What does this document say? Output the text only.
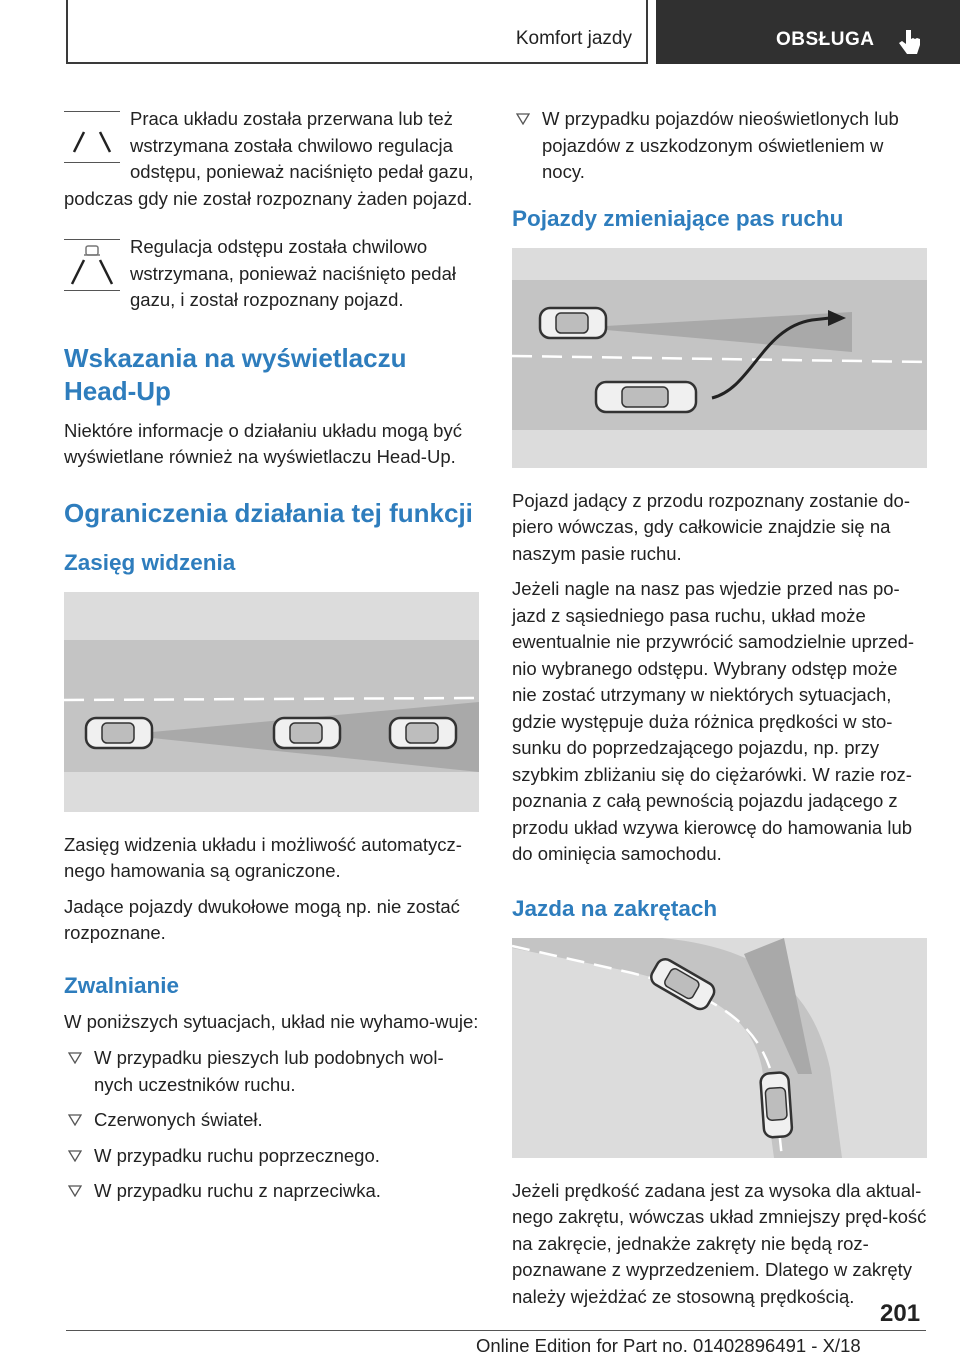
Komfort jazdy	OBSŁUGA
Praca układu została przerwana lub też wstrzymana została chwilowo regulacja odstępu, ponieważ naciśnięto pedał gazu, podczas gdy nie został rozpoznany żaden pojazd.
Regulacja odstępu została chwilowo wstrzymana, ponieważ naciśnięto pedał gazu, i został rozpoznany pojazd.
Wskazania na wyświetlaczu Head-Up

Niektóre informacje o działaniu układu mogą być wyświetlane również na wyświetlaczu Head-Up.

Ograniczenia działania tej funkcji
Zasięg widzenia

Zasięg widzenia układu i możliwość automatycz‐nego hamowania są ograniczone.

Jadące pojazdy dwukołowe mogą np. nie zostać rozpoznane.

Zwalnianie

W poniższych sytuacjach, układ nie wyhamo‐wuje:

W przypadku pieszych lub podobnych wol‐nych uczestników ruchu.
Czerwonych świateł.
W przypadku ruchu poprzecznego.
W przypadku ruchu z naprzeciwka.
W przypadku pojazdów nieoświetlonych lub pojazdów z uszkodzonym oświetleniem w nocy.
Pojazdy zmieniające pas ruchu

Pojazd jadący z przodu rozpoznany zostanie do‐piero wówczas, gdy całkowicie znajdzie się na naszym pasie ruchu.

Jeżeli nagle na nasz pas wjedzie przed nas po‐jazd z sąsiedniego pasa ruchu, układ może ewentualnie nie przywrócić samodzielnie uprzed‐nio wybranego odstępu. Wybrany odstęp może nie zostać utrzymany w niektórych sytuacjach, gdzie występuje duża różnica prędkości w sto‐sunku do poprzedzającego pojazdu, np. przy szybkim zbliżaniu się do ciężarówki. W razie roz‐poznania z całą pewnością pojazdu jadącego z przodu układ wzywa kierowcę do hamowania lub do ominięcia samochodu.

Jazda na zakrętach

Jeżeli prędkość zadana jest za wysoka dla aktual‐nego zakrętu, wówczas układ zmniejszy pręd‐kość na zakręcie, jednakże zakręty nie będą roz‐poznawane z wyprzedzeniem. Dlatego w zakręty należy wjeżdżać ze stosowną prędkością.

201
Online Edition for Part no. 01402896491 - X/18
